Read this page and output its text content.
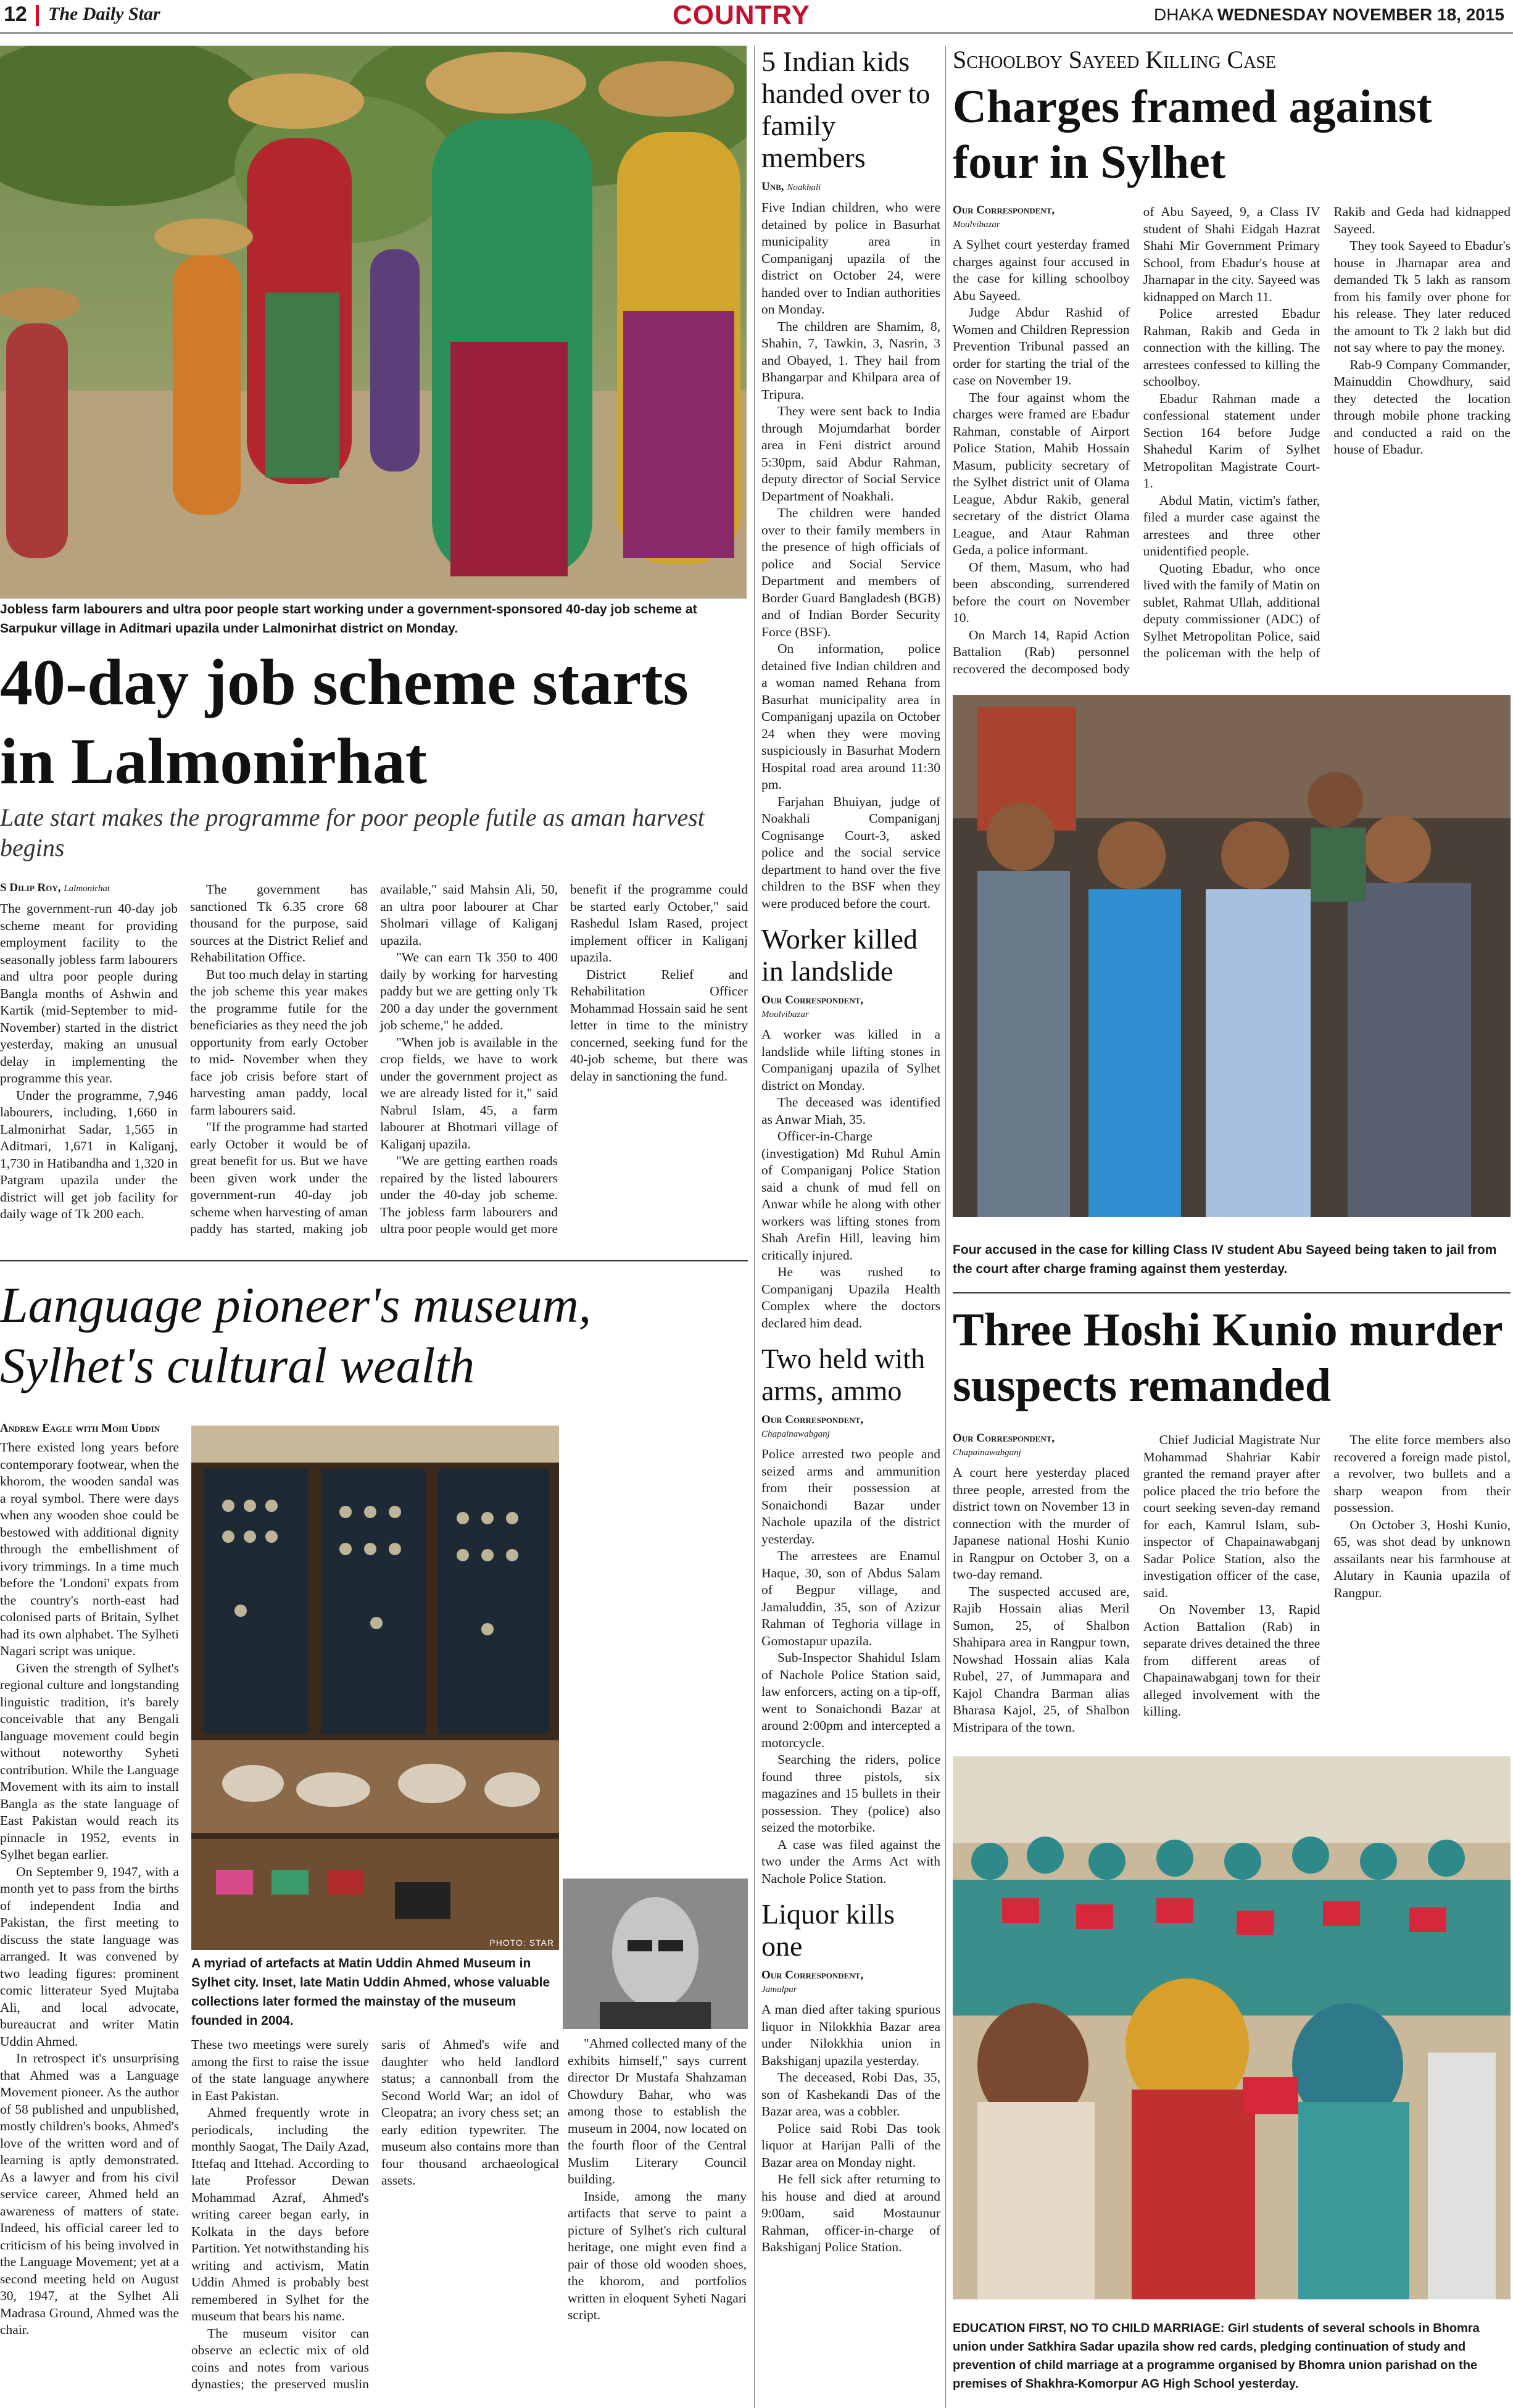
12 The Daily Star	COUNTRY	DHAKA WEDNESDAY NOVEMBER 18, 2015
Jobless farm labourers and ultra poor people start working under a government-sponsored 40-day job scheme at Sarpukur village in Aditmari upazila under Lalmonirhat district on Monday.
40-day job scheme starts in Lalmonirhat
Late start makes the programme for poor people futile as aman harvest begins
S Dilip Roy, Lalmonirhat

The government-run 40-day job scheme meant for providing employment facility to the seasonally jobless farm labourers and ultra poor people during Bangla months of Ashwin and Kartik (mid-September to mid-November) started in the district yesterday, making an unusual delay in implementing the programme this year.

Under the programme, 7,946 labourers, including, 1,660 in Lalmonirhat Sadar, 1,565 in Aditmari, 1,671 in Kaliganj, 1,730 in Hatibandha and 1,320 in Patgram upazila under the district will get job facility for daily wage of Tk 200 each.

The government has sanctioned Tk 6.35 crore 68 thousand for the purpose, said sources at the District Relief and Rehabilitation Office.

But too much delay in starting the job scheme this year makes the programme futile for the beneficiaries as they need the job opportunity from early October to mid- November when they face job crisis before start of harvesting aman paddy, local farm labourers said.

"If the programme had started early October it would be of great benefit for us. But we have been given work under the government-run 40-day job scheme when harvesting of aman paddy has started, making job available," said Mahsin Ali, 50, an ultra poor labourer at Char Sholmari village of Kaliganj upazila.

"We can earn Tk 350 to 400 daily by working for harvesting paddy but we are getting only Tk 200 a day under the government job scheme," he added.

"When job is available in the crop fields, we have to work under the government project as we are already listed for it," said Nabrul Islam, 45, a farm labourer at Bhotmari village of Kaliganj upazila.

"We are getting earthen roads repaired by the listed labourers under the 40-day job scheme. The jobless farm labourers and ultra poor people would get more benefit if the programme could be started early October," said Rashedul Islam Rased, project implement officer in Kaliganj upazila.

District Relief and Rehabilitation Officer Mohammad Hossain said he sent letter in time to the ministry concerned, seeking fund for the 40-job scheme, but there was delay in sanctioning the fund.

Language pioneer's museum, Sylhet's cultural wealth
Andrew Eagle with Mohi Uddin

There existed long years before contemporary footwear, when the khorom, the wooden sandal was a royal symbol. There were days when any wooden shoe could be bestowed with additional dignity through the embellishment of ivory trimmings. In a time much before the 'Londoni' expats from the country's north-east had colonised parts of Britain, Sylhet had its own alphabet. The Sylheti Nagari script was unique.

Given the strength of Sylhet's regional culture and longstanding linguistic tradition, it's barely conceivable that any Bengali language movement could begin without noteworthy Syheti contribution. While the Language Movement with its aim to install Bangla as the state language of East Pakistan would reach its pinnacle in 1952, events in Sylhet began earlier.

On September 9, 1947, with a month yet to pass from the births of independent India and Pakistan, the first meeting to discuss the state language was arranged. It was convened by two leading figures: prominent comic litterateur Syed Mujtaba Ali, and local advocate, bureaucrat and writer Matin Uddin Ahmed.

In retrospect it's unsurprising that Ahmed was a Language Movement pioneer. As the author of 58 published and unpublished, mostly children's books, Ahmed's love of the written word and of learning is aptly demonstrated. As a lawyer and from his civil service career, Ahmed held an awareness of matters of state. Indeed, his official career led to criticism of his being involved in the Language Movement; yet at a second meeting held on August 30, 1947, at the Sylhet Ali Madrasa Ground, Ahmed was the chair.

PHOTO: STAR
A myriad of artefacts at Matin Uddin Ahmed Museum in Sylhet city. Inset, late Matin Uddin Ahmed, whose valuable collections later formed the mainstay of the museum founded in 2004.

These two meetings were surely among the first to raise the issue of the state language anywhere in East Pakistan.

Ahmed frequently wrote in periodicals, including the monthly Saogat, The Daily Azad, Ittefaq and Ittehad. According to late Professor Dewan Mohammad Azraf, Ahmed's writing career began early, in Kolkata in the days before Partition. Yet notwithstanding his writing and activism, Matin Uddin Ahmed is probably best remembered in Sylhet for the museum that bears his name.

The museum visitor can observe an eclectic mix of old coins and notes from various dynasties; the preserved muslin saris of Ahmed's wife and daughter who held landlord status; a cannonball from the Second World War; an idol of Cleopatra; an ivory chess set; an early edition typewriter. The museum also contains more than four thousand archaeological assets.

"Ahmed collected many of the exhibits himself," says current director Dr Mustafa Shahzaman Chowdury Bahar, who was among those to establish the museum in 2004, now located on the fourth floor of the Central Muslim Literary Council building.

Inside, among the many artifacts that serve to paint a picture of Sylhet's rich cultural heritage, one might even find a pair of those old wooden shoes, the khorom, and portfolios written in eloquent Syheti Nagari script.

5 Indian kids handed over to family members
Unb, Noakhali

Five Indian children, who were detained by police in Basurhat municipality area in Companiganj upazila of the district on October 24, were handed over to Indian authorities on Monday.

The children are Shamim, 8, Shahin, 7, Tawkin, 3, Nasrin, 3 and Obayed, 1. They hail from Bhangarpar and Khilpara area of Tripura.

They were sent back to India through Mojumdarhat border area in Feni district around 5:30pm, said Abdur Rahman, deputy director of Social Service Department of Noakhali.

The children were handed over to their family members in the presence of high officials of police and Social Service Department and members of Border Guard Bangladesh (BGB) and of Indian Border Security Force (BSF).

On information, police detained five Indian children and a woman named Rehana from Basurhat municipality area in Companiganj upazila on October 24 when they were moving suspiciously in Basurhat Modern Hospital road area around 11:30 pm.

Farjahan Bhuiyan, judge of Noakhali Companiganj Cognisange Court-3, asked police and the social service department to hand over the five children to the BSF when they were produced before the court.

Worker killed in landslide
Our Correspondent,
Moulvibazar

A worker was killed in a landslide while lifting stones in Companiganj upazila of Sylhet district on Monday.

The deceased was identified as Anwar Miah, 35.

Officer-in-Charge (investigation) Md Ruhul Amin of Companiganj Police Station said a chunk of mud fell on Anwar while he along with other workers was lifting stones from Shah Arefin Hill, leaving him critically injured.

He was rushed to Companiganj Upazila Health Complex where the doctors declared him dead.

Two held with arms, ammo
Our Correspondent,
Chapainawabganj

Police arrested two people and seized arms and ammunition from their possession at Sonaichondi Bazar under Nachole upazila of the district yesterday.

The arrestees are Enamul Haque, 30, son of Abdus Salam of Begpur village, and Jamaluddin, 35, son of Azizur Rahman of Teghoria village in Gomostapur upazila.

Sub-Inspector Shahidul Islam of Nachole Police Station said, law enforcers, acting on a tip-off, went to Sonaichondi Bazar at around 2:00pm and intercepted a motorcycle.

Searching the riders, police found three pistols, six magazines and 15 bullets in their possession. They (police) also seized the motorbike.

A case was filed against the two under the Arms Act with Nachole Police Station.

Liquor kills one
Our Correspondent,
Jamalpur

A man died after taking spurious liquor in Nilokkhia Bazar area under Nilokkhia union in Bakshiganj upazila yesterday.

The deceased, Robi Das, 35, son of Kashekandi Das of the Bazar area, was a cobbler.

Police said Robi Das took liquor at Harijan Palli of the Bazar area on Monday night.

He fell sick after returning to his house and died at around 9:00am, said Mostaunur Rahman, officer-in-charge of Bakshiganj Police Station.

Schoolboy Sayeed Killing Case
Charges framed against four in Sylhet
Our Correspondent,
Moulvibazar

A Sylhet court yesterday framed charges against four accused in the case for killing schoolboy Abu Sayeed.

Judge Abdur Rashid of Women and Children Repression Prevention Tribunal passed an order for starting the trial of the case on November 19.

The four against whom the charges were framed are Ebadur Rahman, constable of Airport Police Station, Mahib Hossain Masum, publicity secretary of the Sylhet district unit of Olama League, Abdur Rakib, general secretary of the district Olama League, and Ataur Rahman Geda, a police informant.

Of them, Masum, who had been absconding, surrendered before the court on November 10.

On March 14, Rapid Action Battalion (Rab) personnel recovered the decomposed body of Abu Sayeed, 9, a Class IV student of Shahi Eidgah Hazrat Shahi Mir Government Primary School, from Ebadur's house at Jharnapar in the city. Sayeed was kidnapped on March 11.

Police arrested Ebadur Rahman, Rakib and Geda in connection with the killing. The arrestees confessed to killing the schoolboy.

Ebadur Rahman made a confessional statement under Section 164 before Judge Shahedul Karim of Sylhet Metropolitan Magistrate Court-1.

Abdul Matin, victim's father, filed a murder case against the arrestees and three other unidentified people.

Quoting Ebadur, who once lived with the family of Matin on sublet, Rahmat Ullah, additional deputy commissioner (ADC) of Sylhet Metropolitan Police, said the policeman with the help of Rakib and Geda had kidnapped Sayeed.

They took Sayeed to Ebadur's house in Jharnapar area and demanded Tk 5 lakh as ransom from his family over phone for his release. They later reduced the amount to Tk 2 lakh but did not say where to pay the money.

Rab-9 Company Commander, Mainuddin Chowdhury, said they detected the location through mobile phone tracking and conducted a raid on the house of Ebadur.

Four accused in the case for killing Class IV student Abu Sayeed being taken to jail from the court after charge framing against them yesterday.
Three Hoshi Kunio murder suspects remanded
Our Correspondent,
Chapainawabganj

A court here yesterday placed three people, arrested from the district town on November 13 in connection with the murder of Japanese national Hoshi Kunio in Rangpur on October 3, on a two-day remand.

The suspected accused are, Rajib Hossain alias Meril Sumon, 25, of Shalbon Shahipara area in Rangpur town, Nowshad Hossain alias Kala Rubel, 27, of Jummapara and Kajol Chandra Barman alias Bharasa Kajol, 25, of Shalbon Mistripara of the town.

Chief Judicial Magistrate Nur Mohammad Shahriar Kabir granted the remand prayer after police placed the trio before the court seeking seven-day remand for each, Kamrul Islam, sub-inspector of Chapainawabganj Sadar Police Station, also the investigation officer of the case, said.

On November 13, Rapid Action Battalion (Rab) in separate drives detained the three from different areas of Chapainawabganj town for their alleged involvement with the killing.

The elite force members also recovered a foreign made pistol, a revolver, two bullets and a sharp weapon from their possession.

On October 3, Hoshi Kunio, 65, was shot dead by unknown assailants near his farmhouse at Alutary in Kaunia upazila of Rangpur.

EDUCATION FIRST, NO TO CHILD MARRIAGE: Girl students of several schools in Bhomra union under Satkhira Sadar upazila show red cards, pledging continuation of study and prevention of child marriage at a programme organised by Bhomra union parishad on the premises of Shakhra-Komorpur AG High School yesterday.
